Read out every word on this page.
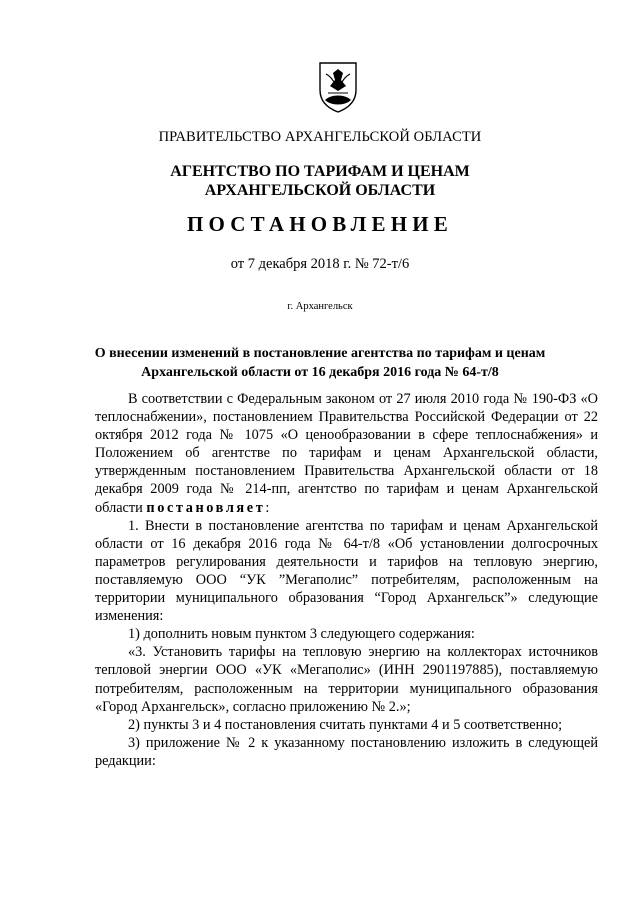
ПРАВИТЕЛЬСТВО АРХАНГЕЛЬСКОЙ ОБЛАСТИ
АГЕНТСТВО ПО ТАРИФАМ И ЦЕНАМ
АРХАНГЕЛЬСКОЙ ОБЛАСТИ
ПОСТАНОВЛЕНИЕ
от 7 декабря 2018 г. № 72-т/6
г. Архангельск
О внесении изменений в постановление агентства по тарифам и ценам
Архангельской области от 16 декабря 2016 года № 64-т/8

В соответствии с Федеральным законом от 27 июля 2010 года № 190-ФЗ «О теплоснабжении», постановлением Правительства Российской Федерации от 22 октября 2012 года № 1075 «О ценообразовании в сфере теплоснабжения» и Положением об агентстве по тарифам и ценам Архангельской области, утвержденным постановлением Правительства Архангельской области от 18 декабря 2009 года № 214-пп, агентство по тарифам и ценам Архангельской области постановляет:

1. Внести в постановление агентства по тарифам и ценам Архангельской области от 16 декабря 2016 года № 64-т/8 «Об установлении долгосрочных параметров регулирования деятельности и тарифов на тепловую энергию, поставляемую ООО “УК ”Мегаполис” потребителям, расположенным на территории муниципального образования “Город Архангельск”» следующие изменения:

1) дополнить новым пунктом 3 следующего содержания:

«3. Установить тарифы на тепловую энергию на коллекторах источников тепловой энергии ООО «УК «Мегаполис» (ИНН 2901197885), поставляемую потребителям, расположенным на территории муниципального образования «Город Архангельск», согласно приложению № 2.»;

2) пункты 3 и 4 постановления считать пунктами 4 и 5 соответственно;

3) приложение № 2 к указанному постановлению изложить в следующей редакции:
